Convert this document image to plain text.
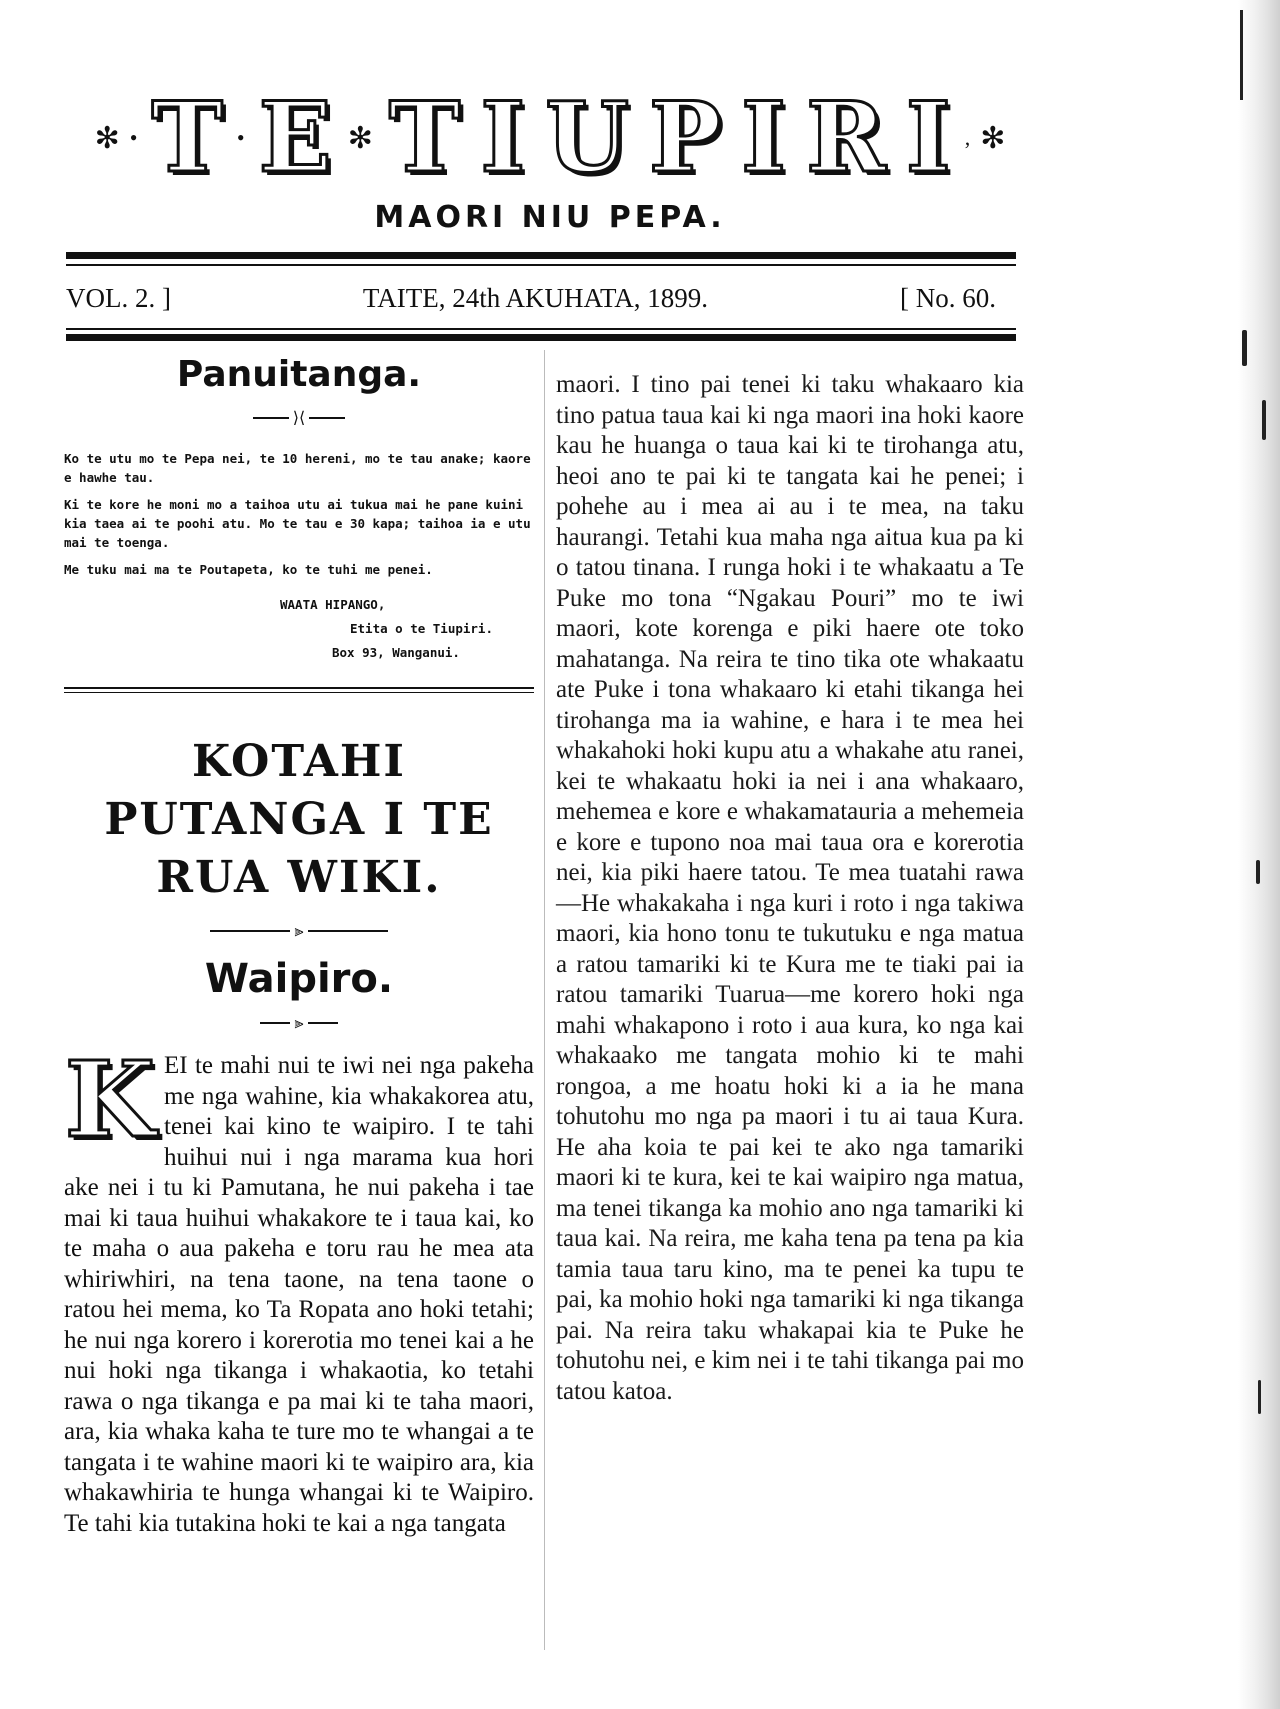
✻ • T • E ✻ T I U P I R I , ✻
MAORI NIU PEPA.
VOL. 2. ]	TAITE, 24th AKUHATA, 1899.	[ No. 60.
Panuitanga.
⟩⟨

Ko te utu mo te Pepa nei, te 10 hereni, mo te tau anake; kaore e hawhe tau.

Ki te kore he moni mo a taihoa utu ai tukua mai he pane kuini kia taea ai te poohi atu. Mo te tau e 30 kapa; taihoa ia e utu mai te toenga.

Me tuku mai ma te Poutapeta, ko te tuhi me penei.

WAATA HIPANGO,
Etita o te Tiupiri.
Box 93, Wanganui.
KOTAHI PUTANGA I TE RUA WIKI.
⫸
Waipiro.
⫸
K EI te mahi nui te iwi nei nga pakeha me nga wahine, kia whakakorea atu, tenei kai kino te waipiro. I te tahi huihui nui i nga marama kua hori ake nei i tu ki Pamutana, he nui pakeha i tae mai ki taua huihui whakakore te i taua kai, ko te maha o aua pakeha e toru rau he mea ata whiriwhiri, na tena taone, na tena taone o ratou hei mema, ko Ta Ropata ano hoki tetahi; he nui nga korero i korerotia mo tenei kai a he nui hoki nga tikanga i whakaotia, ko tetahi rawa o nga tikanga e pa mai ki te taha maori, ara, kia whaka kaha te ture mo te whangai a te tangata i te wahine maori ki te waipiro ara, kia whakawhiria te hunga whangai ki te Waipiro. Te tahi kia tutakina hoki te kai a nga tangata

maori. I tino pai tenei ki taku whakaaro kia tino patua taua kai ki nga maori ina hoki kaore kau he huanga o taua kai ki te tirohanga atu, heoi ano te pai ki te tangata kai he penei; i pohehe au i mea ai au i te mea, na taku haurangi. Tetahi kua maha nga aitua kua pa ki o tatou tinana. I runga hoki i te whakaatu a Te Puke mo tona “Ngakau Pouri” mo te iwi maori, kote korenga e piki haere ote toko mahatanga. Na reira te tino tika ote whakaatu ate Puke i tona whakaaro ki etahi tikanga hei tirohanga ma ia wahine, e hara i te mea hei whakahoki hoki kupu atu a whakahe atu ranei, kei te whakaatu hoki ia nei i ana whakaaro, mehemea e kore e whakamatauria a mehemeia e kore e tupono noa mai taua ora e korerotia nei, kia piki haere tatou. Te mea tuatahi rawa—He whakakaha i nga kuri i roto i nga takiwa maori, kia hono tonu te tukutuku e nga matua a ratou tamariki ki te Kura me te tiaki pai ia ratou tamariki Tuarua—me korero hoki nga mahi whakapono i roto i aua kura, ko nga kai whakaako me tangata mohio ki te mahi rongoa, a me hoatu hoki ki a ia he mana tohutohu mo nga pa maori i tu ai taua Kura. He aha koia te pai kei te ako nga tamariki maori ki te kura, kei te kai waipiro nga matua, ma tenei tikanga ka mohio ano nga tamariki ki taua kai. Na reira, me kaha tena pa tena pa kia tamia taua taru kino, ma te penei ka tupu te pai, ka mohio hoki nga tamariki ki nga tikanga pai. Na reira taku whakapai kia te Puke he tohutohu nei, e kim nei i te tahi tikanga pai mo tatou katoa.
